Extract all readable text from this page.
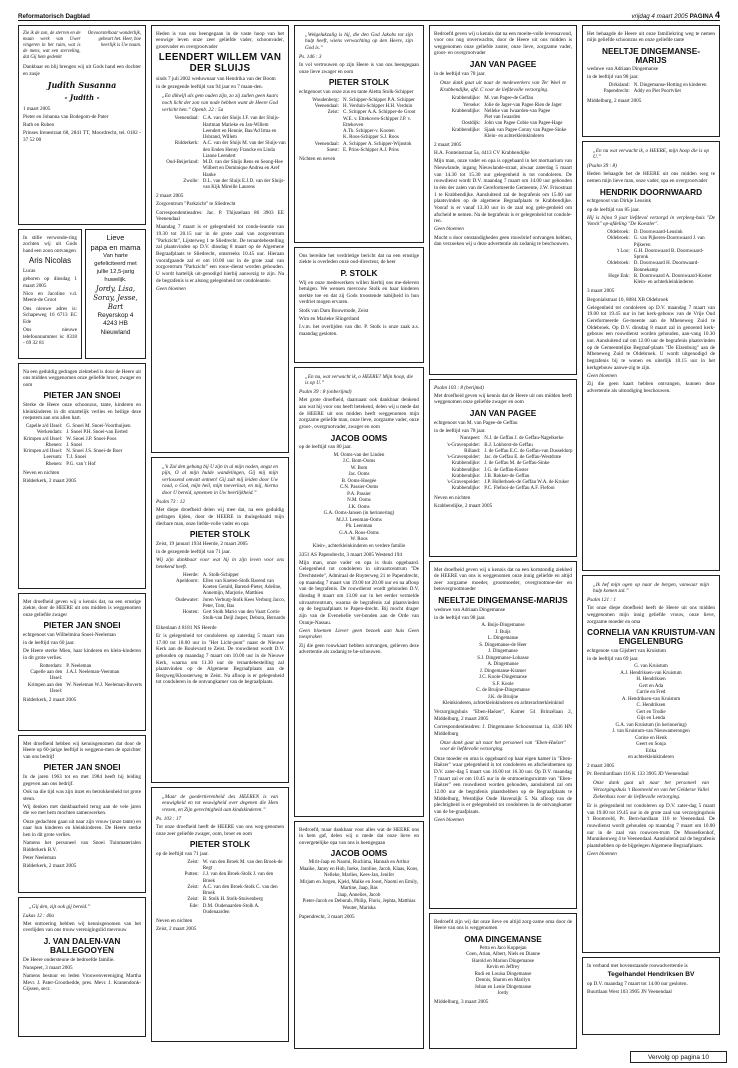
Reformatorisch Dagblad	vrijdag 4 maart 2005 PAGINA 4

Zie ik de zon, de sterren en de maan werk van Uwer vingeren in het ruim, wat is de mens, wat een sterveling, dat Gij hem gedenkt

Onvoorstelbaar wonderlijk, gebeurt het. Heer, hoe heerlijk is Uw naam.

Dankbaar en blij brengen wij uit Gods hand een dochter en zusje

Judith Susanna
- Judith -

1 maart 2005

Pieter en Johanna van Bodegom-de Pater

Ruth en Ruben

Prinses Irenestraat 68, 2841 TT, Moordrecht, tel. 0182 - 37 52 00

In stille verwonde-ring zochten wij uit Gods hand een zoon ontvangen

Aris Nicolas

Lucas

geboren op dinsdag 1 maart 2005

Nico en Jacoline v.d. Meent-de Groot

Ons nieuwe adres is: Schapeweg 16 6713 EC Ede

Ons nieuwe telefoonnummer is: 0318 - 69 32 81

Lieve
papa en mama
Van harte gefeliciteerd met jullie 12,5-jarig huwelijk.
Jordy, Lisa, Soray, Jesse, Bart
Reyerskop 4
4243 HB Nieuwland

Na een geduldig gedragen ziektebed is door de Heere uit ons midden weggenomen onze geliefde broer, zwager en oom

PIETER JAN SNOEI

Sterke de Heere onze schoonzus, tante, kinderen en kleinkinderen in dit smartelijk verlies en heilige deze roepstem aan ons allen hart.

Capelle a/d IJssel: G. Snoei M. Snoei-Voorthuijsen
Werkendam: J. Snoei P.H. Snoei-van Eerted
Krimpen a/d IJssel: W. Snoei J.P. Snoei-Poos
Rhenen: J. Snoei
Krimpen a/d IJssel: N. Snoei J.S. Snoei-de Boer
Leersum: T.J. Snoei
Rhenen: P.G. van 't Hof

Neven en nichten

Ridderkerk, 2 maart 2005

Met droefheid geven wij u kennis dat, na een ernstige ziekte, door de HEERE uit ons midden is weggenomen onze geliefde zwager

PIETER JAN SNOEI

echtgenoot van Wilhelmina Snoei-Neeleman

in de leeftijd van 60 jaar.

De Heere sterke Mien, haar kinderen en klein-kinderen in dit grote verlies.

Rotterdam: P. Neeleman
Capelle aan den IJssel:
J.A.J. Neeleman-Veenman
Krimpen aan den IJssel:
W. Neeleman W.J. Neeleman-Roverts

Ridderkerk, 2 maart 2005

Met droefheid hebben wij kennisgenomen dat door de Heere op 60-jarige leeftijd is weggeno-men de opzichter van ons bedrijf

PIETER JAN SNOEI

In de jaren 1963 tot en met 1984 heeft hij leiding gegeven aan ons bedrijf.

Ook na die tijd was zijn inzet en betrokkenheid tot grote steun.

Wij denken met dankbaarheid terug aan de vele jaren die we met hem mochten samenwerken.

Onze gedachten gaan uit naar zijn vrouw (onze tante) en naar hun kinderen en kleinkinderen. De Heere sterke hen in dit grote verlies.

Namens het personeel van Snoei Tuinmaterialen Ridderkerk B.V.

Peter Neeleman

Ridderkerk, 2 maart 2005

„Gij den, zijt ook gij bereid.”

Lukas 12 : 40a

Met ontroering hebben wij kennisgenomen van het overlijden van ons trouw verenigingslid mevrouw

J. VAN DALEN-VAN BALLEGOOYEN

De Heere ondersteune de bedroefde familie.

Nunspeet, 3 maart 2005

Namens bestuur en leden Vrouwenvereniging Martha Mevr. J. Pater-Groothedde, pres. Mevr. J. Kranendonk-Gijssen, secr.

Heden is van ons heengegaan in de vaste hoop van het eeuwige leven onze zeer geliefde vader, schoonvader, grootvader en overgrootvader

LEENDERT WILLEM VAN DER SLUIJS

sinds 7 juli 2002 weduwnaar van Hendrika van der Boom

in de gezegende leeftijd van 94 jaar en 7 maan-den.

„En dikwijl als gem ouden zijn, zo zij zullen geen kaars noch licht der zon van node hebben want de Heere God verlicht hen.” Openb. 22 : 5a

Veenendaal: C.A. van der Sluijs J.F. van der Sluijs-Hartman Marieke en Jan-Willem Leendert en Hennie, Bas/Ad Irma en IJsbrand, Willem
Ridderkerk: A.C. van der Sluijs M. van der Sluijs-van den Enden Henny Francke en Linda Lianne Leendert
Oud-Beijerland: M.D. van der Sluijs Rens en Seong-Hee Wilbert en Dominique Andrea en Aref Hanke
Zwolle: D.L. van der Sluijs E.J.D. van der Sluijs-van Kijk Mireille Laurens

2 maart 2005

Zorgcentrum "Parkzicht" te Sliedrecht

Correspondentieadres: Jac. P. Thijsselaan 86 3903 EE Veenendaal

Maandag 7 maart is er gelegenheid tot condo-leantie van 19.30 tot 20.15 uur in de grote zaal van zorgcentrum "Parkzicht", Lijsterweg 1 te Sliedrecht. De teraardebestelling zal plaatsvinden op D.V. dinsdag 8 maart op de Algemene Begraafplaats te Sliedrecht, omstreeks 10.45 uur. Hieraan voorafgaande zal er om 10.00 uur in de grote zaal van zorgcentrum "Parkzicht" een rouw-dienst worden gehouden. U wordt hartelijk uit-genodigd hierbij aanwezig te zijn. Na de begrafenis is er alsnog gelegenheid tot condoleantie.

Geen bloemen

„'k Zal den gebang bij U zijn in al mijn noden, angst en pijn, O al mijn hulde wandelingen, Gij mij mijn verlossend omvatt ontnen! Gij zult mij leiden door Uw raad, o God, mijn heil, mijn toeverlaat, en mij, hierna door U bereid, opnemen in Uw heerlijkheid.”

Psalm 73 : 12

Met diepe droefheid delen wij mee dat, na een geduldig gedragen lijden, door de HEERE in thuisgehaald mijn dierbare man, onze liefde-volle vader en opa

PIETER STOLK

Zeist, 19 januari 1934 Heerde, 2 maart 2005

in de gezegende leeftijd van 71 jaar.

Wij zijn dankbaar voor wat hij in zijn leven voor ons betekend heeft.

Heerde: A. Stolk-Schipper
Apeldoorn: Ellen van Koeten-Stolk Barend van Koeten Gerald, Barend-Pieter, Adeline, Annemijn, Marjorie, Matthieu
Oudewater: Joren Verburg-Stolk Kees Verburg Jacco, Peter, Tom, Bas
Houten: Gert Stolk Mario van den Vaart Corrie Stolk-van Deijl Jasper, Debora, Bernardo

Eikenlaan 4 8181 NS Heerde

Er is gelegenheid tot condoleren op zaterdag 5 maart van 17.00 tot 18.00 uur in "Het Licht-punt" naast de Nieuwe Kerk aan de Boulevard te Zeist. De rouwdienst wordt D.V. gehouden op maandag 7 maart om 10.00 uur in de Nieuwe Kerk, waarna om 11.30 uur de teraardebestelling zal plaatsvinden op de Algemene Begraafplaats aan de Bergweg/Kloosterweg te Zeist. Na afloop is er gelegenheid tot condoleren in de ontvangkamer van de begraafplaats.

„Maar de goedertierenheid des HEEREN is van eeuwigheid en tot eeuwigheid over degenen die Hem vrezen, en Zijn gerechtigheid aan kindskinderen.”

Ps. 103 : 17

Tot onze droefheid heeft de HEERE van ons weg-genomen onze zeer geliefde zwager, oom, broer en oom

PIETER STOLK

op de leeftijd van 71 jaar.

Zeist: W. van den Broek M. van den Broek-de Regt
Putten: J.J. van den Broek-Stolk J. van den Broek
Zeist: A.C. van den Broek-Stolk C. van den Broek
Zeist: B. Stolk H. Stolk-Stuivenberg
Ede: D.M. Oudenaarden-Stolk A. Oudenaarden

Neven en nichten

Zeist, 2 maart 2005

„Welgelukzalig is hij, die den God Jakobs tot zijn hulp heeft, wiens verwachting op den Heere, zijn God is.”

Ps. 146 : 3

In vol vertrouwen op zijn Heere is van ons heengegaan onze lieve zwager en oom

PIETER STOLK

echtgenoot van onze zus en tante Aletta Stolk-Schipper

Woudenberg: N. Schipper-Schipper P.A. Schipper
Veenendaal: H. Verduin-Schipper H.H. Verduin
Zeist: C. Schipper A.A. Schipper-de Groot
W.E. v. Ettekoven-Schipper J.P. v. Ettekoven
A.Th. Schipper-v. Kooten
K. Roos-Schipper S.J. Roos
Veenendaal: A. Schipper A. Schipper-Wijnstok
Soest: E. Prins-Schipper A.J. Prins

Nichten en neven

Ons bereikte het verdrietige bericht dat na een ernstige ziekte is overleden onze oud-directeur, de heer

P. STOLK

Wij en onze medewerkers willen hierbij ons me-deleven betuigen. We wensen mevrouw Stolk en haar kinderen sterkte toe en dat zij Gods troostende nabijheid in hun verdriet mogen ervaren.

Stolk van Dam Bouwmode, Zeist

Wim en Marieke Slingerland

I.v.m. het overlijden van dhr. P. Stolk is onze zaak a.s. maandag gesloten.

„En nu, wat verwacht ik, o HEERE? Mijn hoop, die is op U.”

Psalm 39 : 8 (onberijmd)

Met grote droefheid, daarnaast ook dankbaar denkend aan wat hij voor ons heeft betekend, delen wij u mede dat de HEERE uit ons midden heeft weggenomen mijn zorgzame geliefde man, onze lieve, zorgzame vader, onze groot-, overgrootvader, zwager en oom

JACOB OOMS

op de leeftijd van 80 jaar.

M. Ooms-van der Linden
J.C. Bom-Ooms
W. Bom
Jac. Ooms
B. Ooms-Hoegée
C.N. Passier-Ooms
P.A. Passier
N.M. Ooms
J.K. Ooms
G.A. Ooms-Jansen (in herinnering)
M.J.J. Leenman-Ooms
Ph. Leenman
G.A.A. Roos-Ooms
W. Roos
Klein-, achterkleinkinderen en verdere familie

3351 AS Papendrecht, 3 maart 2005 Westend 194

Mijn man, onze vader en opa is thuis opgebaard. Gelegenheid tot condoleren in uitvaartcentrum "De Drechtstede", Admiraal de Ruyterweg 21 te Papendrecht, op maandag 7 maart van 19.00 tot 20.00 uur en na afloop van de begrafenis. De rouwdienst wordt gehouden D.V. dinsdag 8 maart om 13.00 uur in het eerder vermelde uitvaartcentrum, waarna de begrafenis zal plaatsvinden op de begraafplaats te Papen-drecht. Bij mocht drager zijn van de Evenehelle ver-bonden aan de Orde van Oranje-Nassau.

Geen bloemen Liever geen bezoek aan huis Geen toespraken

Zij die geen rouwkaart hebben ontvangen, gelieven deze advertentie als zodanig te be-schouwen.

Bedroefd, maar dankbaar voor alles wat de HEERE ons in hem gaf, delen wij u mede dat onze lieve en onvergetelijke opa van ons is heengegaan

JACOB OOMS
Mirit-Jaap en Naomi, Ruchima, Hannah en Arthur
Maaike, Janny en Hub, Ineke, Jaroline, Jacob, Klaas, Koos, Nelleke, Marlies, Kees-Jan, Jenifer
Mirjam en Jurgen, Kjeld, Maike en Joost, Naomi en Emily, Martine, Jaap, Bas
Jaap, Annelies, Jacob
Pieter-Jacob en Deborah, Philip, Floris, Jephta, Matthias
Wouter, Mariska

Papendrecht, 3 maart 2005

Bedroefd geven wij u kennis dat na een moeite-volle levensavond, voor ons nog onverwachts, door de Heere uit ons midden is weggenomen onze geliefde zuster, onze lieve, zorgzame vader, groot- en overgrootvader

JAN VAN PAGEE

in de leeftijd van 78 jaar.

Onze dank gaat uit naar de medewerkers van Ter Weel te Krabbendijke, afd. C voor de liefdevolle verzorging.

Krabbendijke: M. van Pagee-de Geffau
Yerseke: Jolie de Jager-van Pagee Rien de Jager
Krabbendijke: Nelleke van Iwaarden-van Pagee
Piet van Iwaarden
Oostdijk: John van Pagee Cobie van Pagee-Hage
Krabbendijke: Sjaak van Pagee Conny van Pagee-Sinke
Klein- en achterkleinkinderen

2 maart 2005

H.A. Fonteinstraat 5a, 4413 CV Krabbendijke

Mijn man, onze vader en opa is opgebaard in het mortuarium van Nieuwlande, ingang Nieuwlande-straat, alwaar zaterdag 5 maart van 14.30 tot 15.30 uur gelegenheid is tot condoleren. De rouwdienst wordt D.V. maandag 7 maart om 14.00 uur gehouden in één der zalen van de Gereformeerde Gemeente, J.W. Frisostraat 1 te Krabbendijke. Aansluitend zal de begrafenis om 15.00 uur plaatsvinden op de algemene Begraafplaats te Krabbendijke. Vooraf is er vanaf 13.30 uur in de zaal nog gele-genheid om afscheid te nemen. Na de begrafenis is er gelegenheid tot condole-ren.

Geen bloemen

Mocht u door omstandigheden geen rouwbrief ontvangen hebben, dan verzoeken wij u deze advertentie als zodanig te beschouwen.

Psalm 103 : 8 (berijmd)

Met droefheid geven wij kennis dat de Heere uit ons midden heeft weggenomen onze geliefde zwager en oom

JAN VAN PAGEE

echtgenoot van M. van Pagee-de Geffau

in de leeftijd van 78 jaar.

Nunspeet: N.J. de Geffau J. de Geffau-Nagelkerke
's-Gravenpolder: B.J. Lokhorst-de Geffau
Rilland: J. de Geffau E.C. de Geffau-van Dusseldorp
's-Gravenpolder: Jac. de Geffau E. de Geffau-Westdrate
Krabbendijke: J. de Geffau M. de Geffau-Sinke
Krabbendijke: J.G. de Geffau-Koster
Krabbendijke: J.B. Rokker-de Geffau
's-Gravenpolder: J.P. Hollerhoek-de Geffau W.A. de Kruker
Krabbendijke: P.C. Flefooi-de Geffau A.F. Flefooi

Neven en nichten

Krabbendijke, 2 maart 2005

Met droefheid geven wij u kennis dat na een kortstondig ziekbed de HEERE van ons is weggenomen onze innig geliefde en altijd zeer zorgzame moeder, grootmoeder, overgrootmoe-der en betovergrootmoeder

NEELTJE DINGEMANSE-MARIJS

weduwe van Adriaan Dingemanse

in de leeftijd van 98 jaar.

A. Buijs-Dingemanse
J. Buijs
L. Dingemanse
S. Dingemanse-de Heer
J. Dingemanse
S.J. Dingemanse-Lohasse
A. Dingemanse
J. Dingemanse-Kramer
J.C. Koole-Dingemanse
S.F. Koole
C. de Bruijne-Dingemanse
J.K. de Bruijne
Kleinkinderen, achterkleinkinderen en achterachterkleinkind

Verzorgingshuis "Eben-Haëzer", Kamer 54 Brinzélaan 2, Middelburg, 2 maart 2005

Correspondentieadres: J. Dingemanse Schoonstraat 1a, 4336 HN Middelburg

Onze dank gaat uit naar het personeel van "Eben-Haëzer" voor de liefdevolle verzorging.

Onze moeder en oma is opgebaard op haar eigen kamer in "Eben-Haëzer" waar gelegenheid is tot condoleren en afscheidnemen op D.V. zater-dag 5 maart van 16.00 tot 16.30 uur. Op D.V. maandag 7 maart zal er om 10.45 uur in de ontmoetingsruimte van "Eben-Haëzer" een rouwdienst worden gehouden, aansluitend zal om 12.00 uur de begrafenis plaatshebben op de Begraafplaats te Middelburg, Westdijke Oude Havenzijk 5. Na afloop van de plechtigheid is er gelegenheid tot condoleren in de ontvangkamer van de be-graafplaats.

Geen bloemen

Bedroefd zijn wij dat onze lieve en altijd zorg-zame oma door de Heere van ons is weggenomen

OMA DINGEMANSE
Petra en Jaco Koppejan
Coen, Arian, Albert, Niels en Dianne
Harold en Marion Dingemanse
Kevin en Jeffrey
Rudi en Louisa Dingemanse
Dennis, Sharon en Marilyn
Johan en Lenie Dingemanse
Jordy

Middelburg, 3 maart 2005

Het behaagde de Heere uit onze familiekring weg te nemen mijn geliefde schoonzus en onze geliefde tante

NEELTJE DINGEMANSE-MARIJS

weduwe van Adriaan Dingemanse

in de leeftijd van 98 jaar.

Dirksland: N. Dingemanse-Hotting en kinderen
Papendrecht: Addy en Piet Poortvliet

Middelburg, 2 maart 2005

„En nu wat verwacht ik, o HEERE, mijn hoop die is op U.”

(Psalm 39 : 8)

Heden behaagde het de HEERE uit ons midden weg te nemen mijn lieve man, onze vader, opa en overgrootvader

HENDRIK DOORNWAARD

echtgenoot van Dirkje Leusink

op de leeftijd van 85 jaar.

Hij is bijna 9 jaar liefdevol verzorgd in verpleeg-huis "De Vonck" op-afdeling "De Koestler".

Oldebroek: D. Doornwaard-Leusink
Oldebroek: G. van Pijkeren-Doornwaard J. van Pijkeren
't Loo: G.H. Doornwaard B. Doornwaard-Spronk
Oldebroek: D. Doornwaard H. Doornwaard-Bonnekamp
Hoge Enk: B. Doornwaard A. Doornwaard-Koster
Klein- en achterkleinkinderen

3 maart 2005

Begonialstraat 10, 8084 XB Oldebroek

Gelegenheid tot condoleren op D.V. maandag 7 maart van 19.00 tot 19.45 uur in het kerk-gebouw van de Vrije Oud Gereformeerde Ge-meente aan de Mheneweg Zuid te Oldebroek. Op D.V. dinsdag 8 maart zal in genoemd kerk-gebouw een rouwdienst worden gehouden, aan-vang 10.30 uur. Aansluitend zal om 12.00 uur de begrafenis plaatsvinden op de Gemeentelijke Begraaf-plaats "De Elzenburg" aan de Mheneweg Zuid te Oldebroek. U wordt uitgenodigd de begrafenis bij te wonen en uiterlijk 10.15 uur in het kerkgebouw aanwe-zig te zijn.

Geen bloemen

Zij die geen kaart hebben ontvangen, kunnen deze advertentie als uitnodiging beschouwen.

„Ik hef mijn ogen op naar de bergen, vanwaar mijn hulp komen zal.”

Psalm 121 : 1

Tot onze diepe droefheid heeft de Heere uit ons midden weggenomen mijn innig geliefde vrouw, onze lieve, zorgzame moeder en oma

CORNELIA VAN KRUISTUM-VAN ENGELENBURG

echtgenote van Gijsbert van Kruistum

in de leeftijd van 69 jaar.

G. van Kruistum
A.J. Hendriksen-van Kruistum
H. Hendriksen
Gert en Ada
Carrie en Fred
A. Hendriksen-van Kruistum
C. Hendriksen
Gert en Trudie
Gijs en Lenda
G.A. van Kruistum (in herinnering)
J. van Kruistum-van Nieuwamerongen
Corine en Henk
Geert en Sonja
Erika
en achterkleinkinderen

2 maart 2005

Pr. Bernhardlaan 116 K 133 3905 JD Veenendaal

Onze dank gaat uit naar het personeel van Verzorgingshuis 't Boomveld en van het Gelderse Vallei Ziekenhuis voor de liefdevolle verzorging.

Er is gelegenheid tot condoleren op D.V. zater-dag 5 maart van 19.00 tot 19.45 uur in de grote zaal van verzorgingshuis 't Boomveld, Pr. Bern-hardlaan 116 te Veenendaal. De rouwdienst wordt gehouden op maandag 7 maart om 10.00 uur in de zaal van rouwcen-trum De Musselkenhof, Munnikenweg 4 te Veenendaal. Aansluitend zal de begrafenis plaatshebben op de bijgelegen Algemene Begraafplaats.

Geen bloemen

In verband met bovenstaande rouwadvertentie is

Tegelhandel Hendriksen BV

op D.V. maandag 7 maart tot 14.00 uur gesloten.

Buurtlaan West 103 3905 JN Veenendaal

Vervolg op pagina 10
